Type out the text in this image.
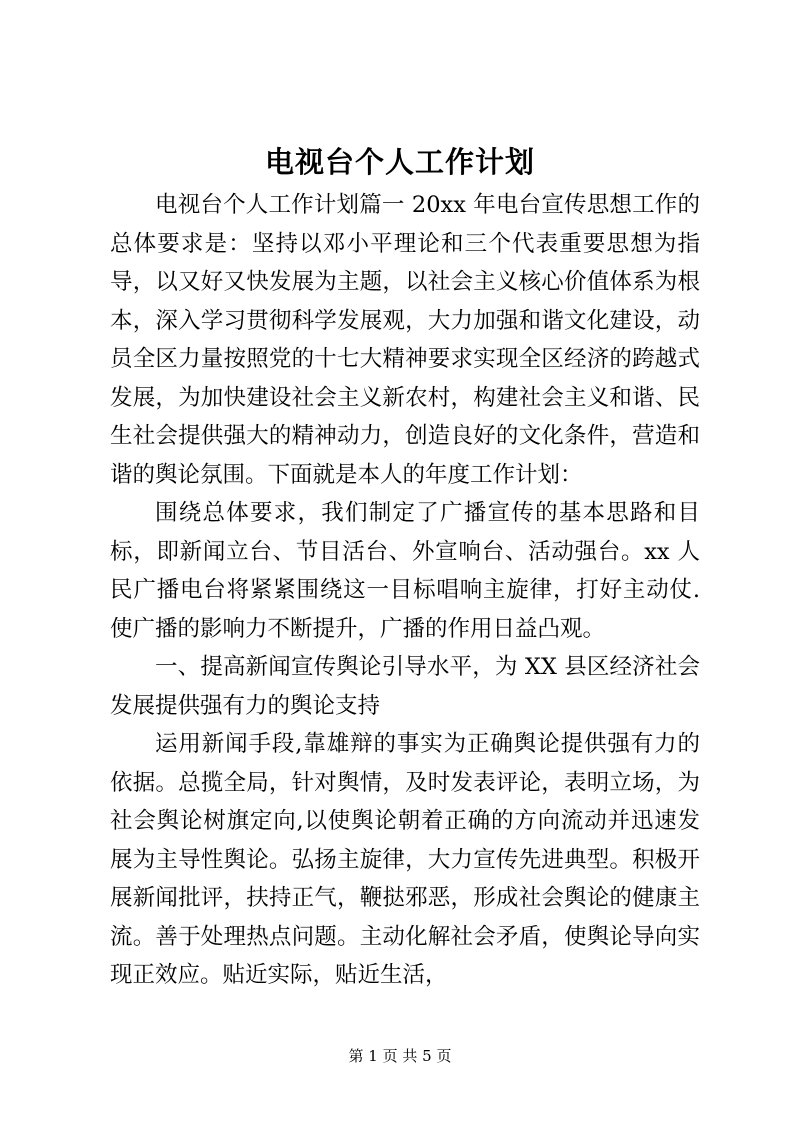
电视台个人工作计划

电视台个人工作计划篇一 20xx 年电台宣传思想工作的总体要求是：坚持以邓小平理论和三个代表重要思想为指导，以又好又快发展为主题，以社会主义核心价值体系为根本，深入学习贯彻科学发展观，大力加强和谐文化建设，动员全区力量按照党的十七大精神要求实现全区经济的跨越式发展，为加快建设社会主义新农村，构建社会主义和谐、民生社会提供强大的精神动力，创造良好的文化条件，营造和谐的舆论氛围。下面就是本人的年度工作计划：

围绕总体要求，我们制定了广播宣传的基本思路和目标，即新闻立台、节目活台、外宣响台、活动强台。xx 人民广播电台将紧紧围绕这一目标唱响主旋律，打好主动仗.使广播的影响力不断提升，广播的作用日益凸观。

一、提高新闻宣传舆论引导水平，为 XX 县区经济社会发展提供强有力的舆论支持

运用新闻手段,靠雄辩的事实为正确舆论提供强有力的依据。总揽全局，针对舆情，及时发表评论，表明立场，为社会舆论树旗定向,以使舆论朝着正确的方向流动并迅速发展为主导性舆论。弘扬主旋律，大力宣传先进典型。积极开展新闻批评，扶持正气，鞭挞邪恶，形成社会舆论的健康主流。善于处理热点问题。主动化解社会矛盾，使舆论导向实现正效应。贴近实际，贴近生活，

第 1 页 共 5 页
